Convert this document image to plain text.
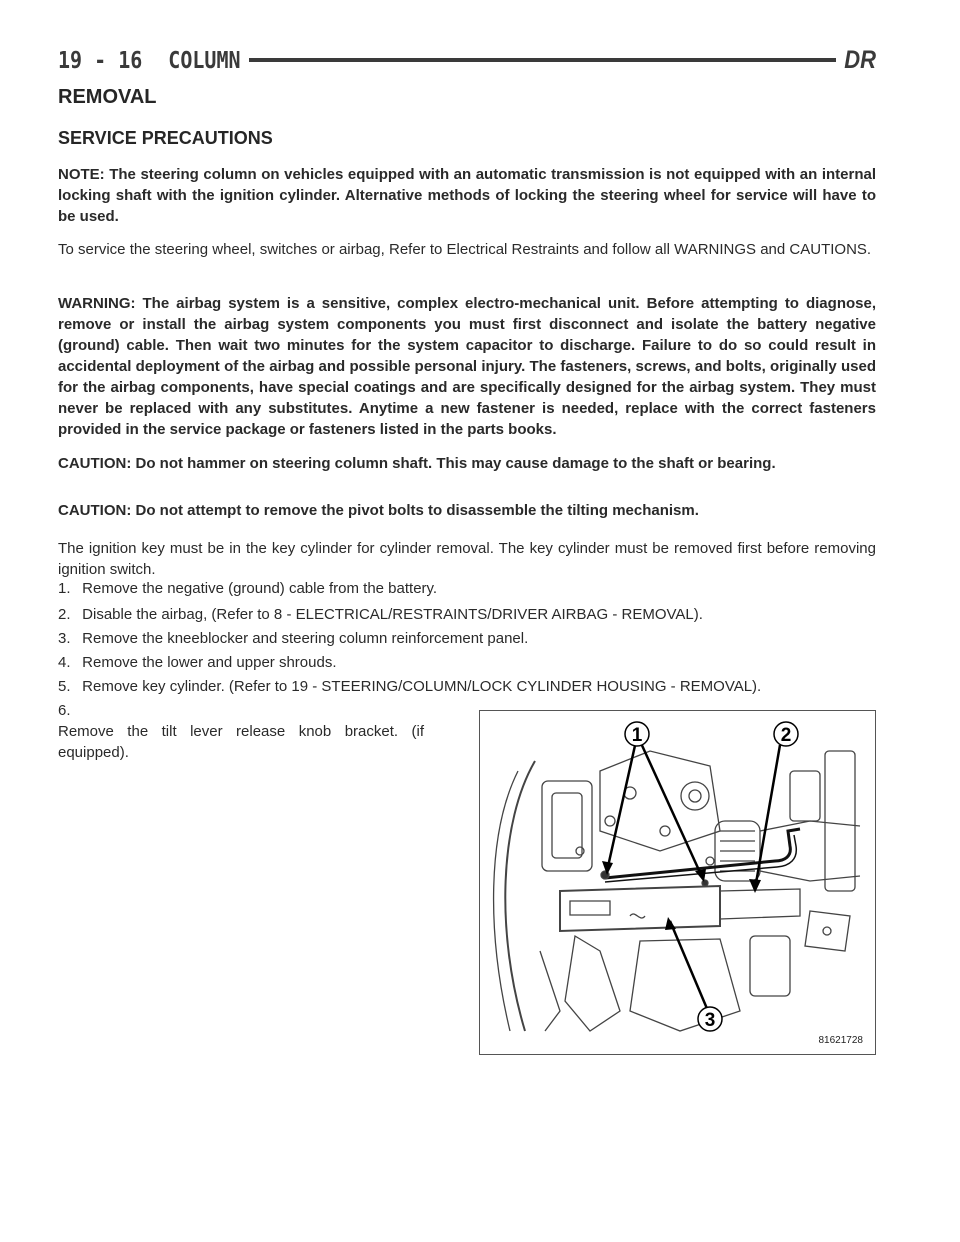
19 - 16 COLUMN	DR
REMOVAL
SERVICE PRECAUTIONS
NOTE: The steering column on vehicles equipped with an automatic transmission is not equipped with an internal locking shaft with the ignition cylinder. Alternative methods of locking the steering wheel for service will have to be used.
To service the steering wheel, switches or airbag, Refer to Electrical Restraints and follow all WARNINGS and CAUTIONS.
WARNING: The airbag system is a sensitive, complex electro-mechanical unit. Before attempting to diagnose, remove or install the airbag system components you must first disconnect and isolate the battery negative (ground) cable. Then wait two minutes for the system capacitor to discharge. Failure to do so could result in accidental deployment of the airbag and possible personal injury. The fasteners, screws, and bolts, originally used for the airbag components, have special coatings and are specifically designed for the airbag system. They must never be replaced with any substitutes. Anytime a new fastener is needed, replace with the correct fasteners provided in the service package or fasteners listed in the parts books.
CAUTION: Do not hammer on steering column shaft. This may cause damage to the shaft or bearing.
CAUTION: Do not attempt to remove the pivot bolts to disassemble the tilting mechanism.
The ignition key must be in the key cylinder for cylinder removal. The key cylinder must be removed first before removing ignition switch.
1. Remove the negative (ground) cable from the battery.
2. Disable the airbag, (Refer to 8 - ELECTRICAL/RESTRAINTS/DRIVER AIRBAG - REMOVAL).
3. Remove the kneeblocker and steering column reinforcement panel.
4. Remove the lower and upper shrouds.
5. Remove key cylinder. (Refer to 19 - STEERING/COLUMN/LOCK CYLINDER HOUSING - REMOVAL).
6. Remove the tilt lever release knob bracket. (if equipped).
1	2
3
81621728
